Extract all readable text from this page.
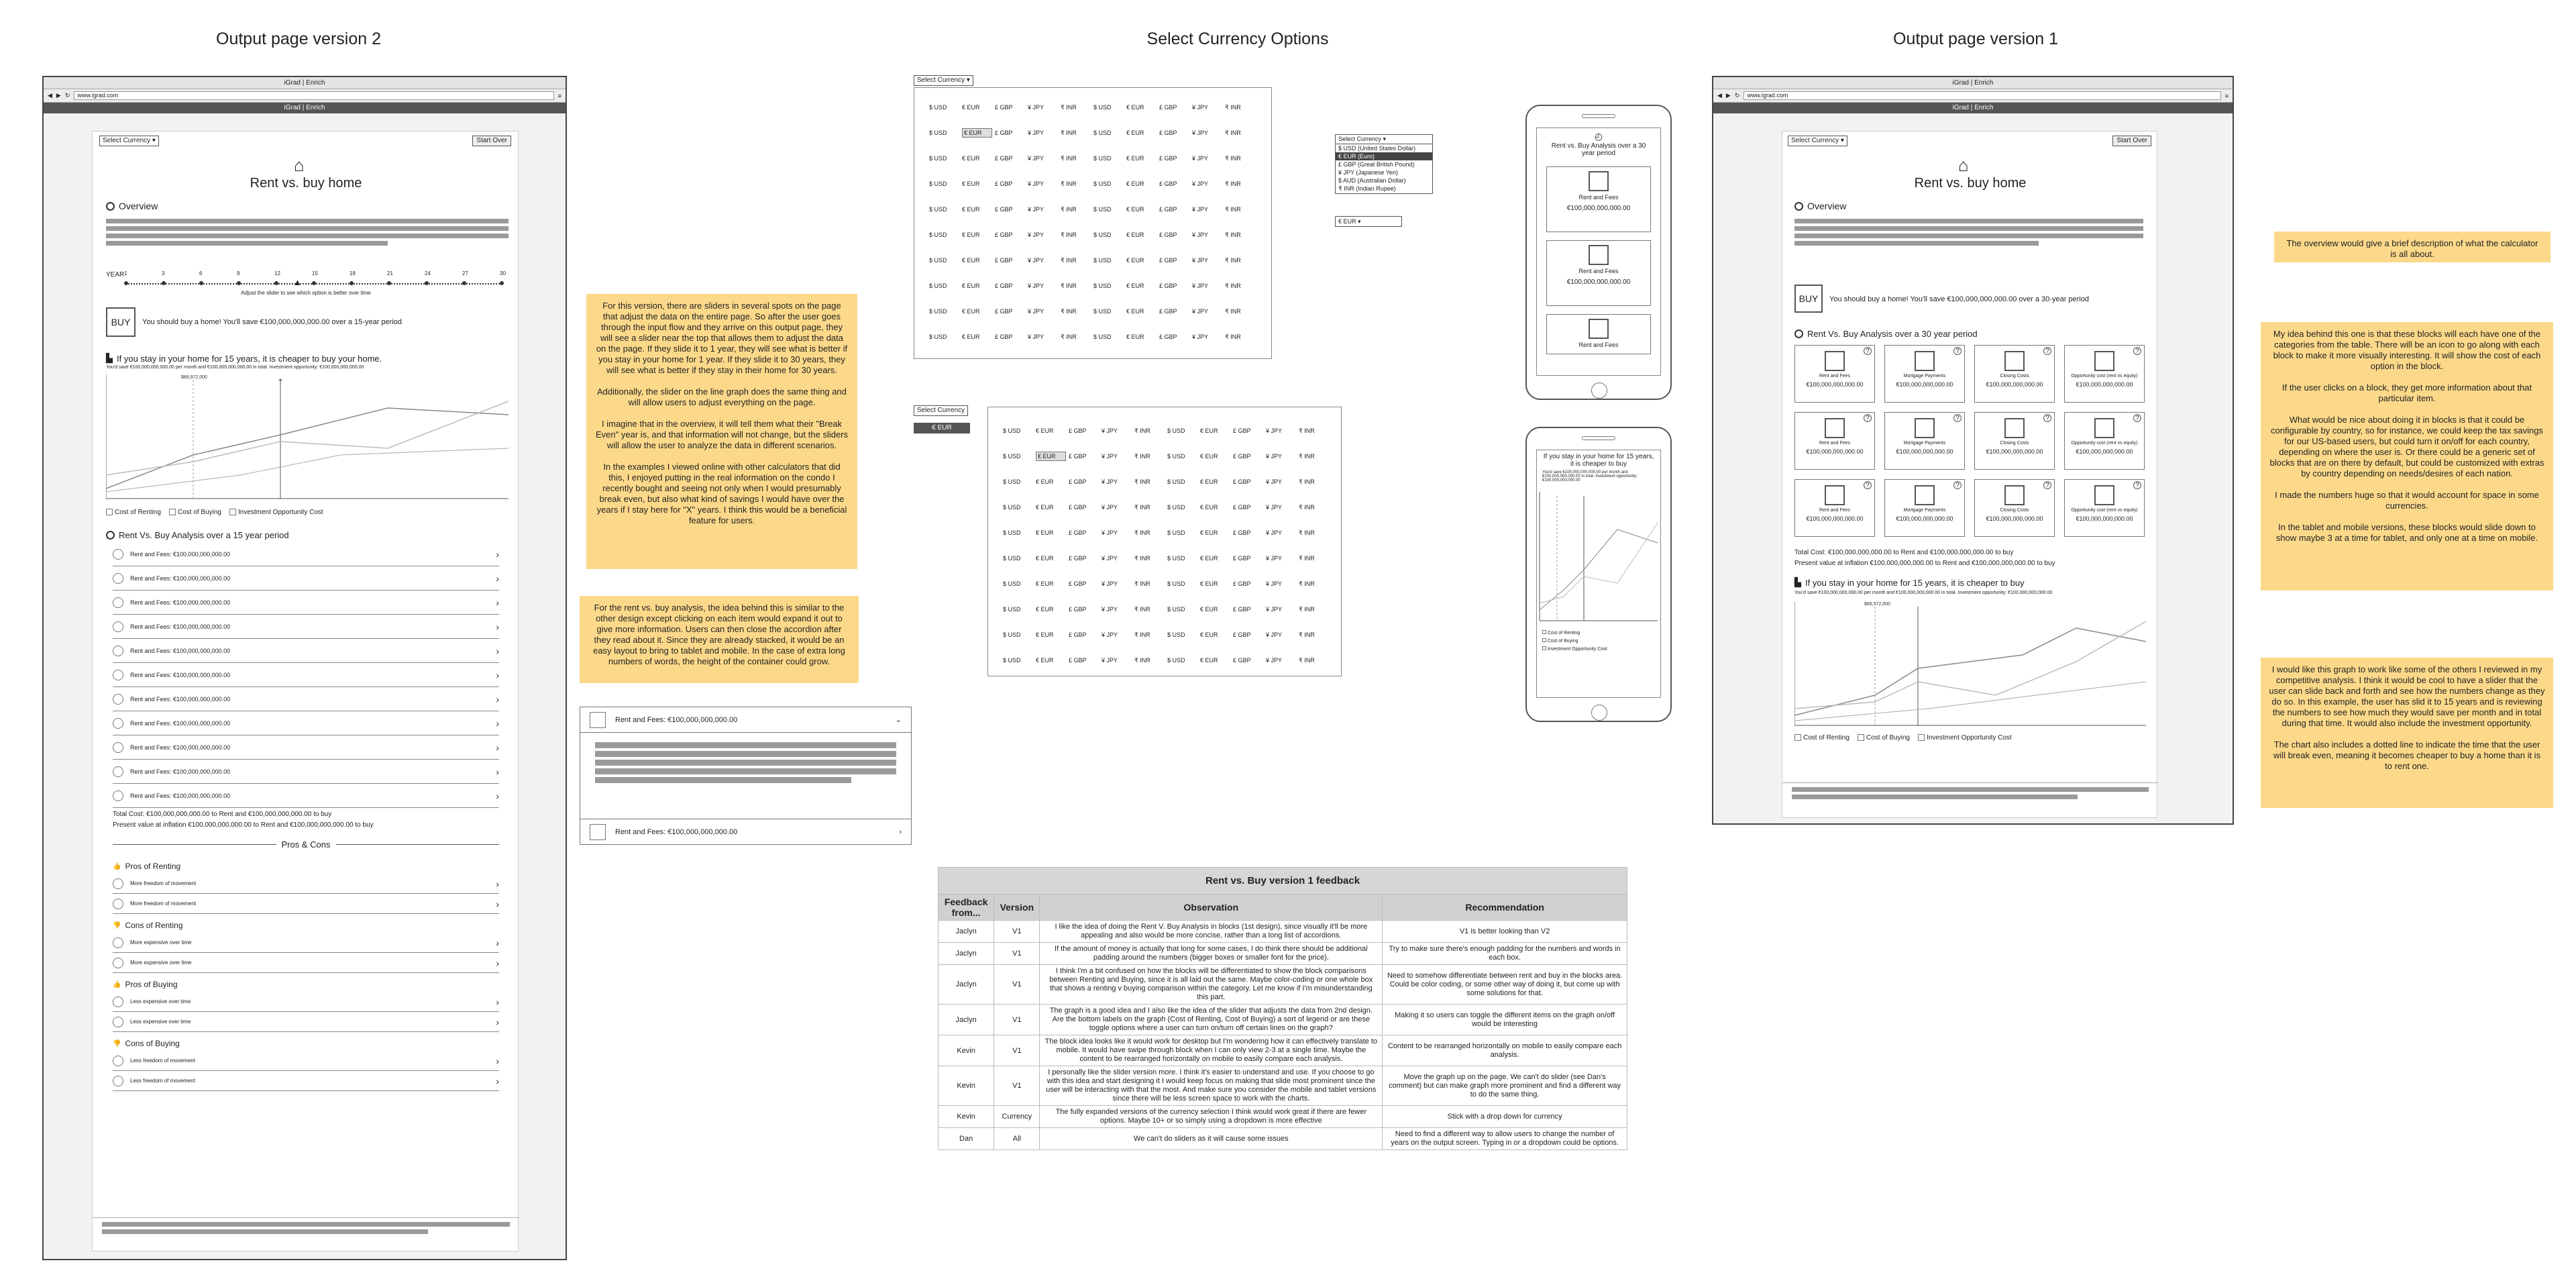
Output page version 2	Select Currency Options	Output page version 1
iGrad | Enrich
◀ ▶ ↻	www.igrad.com	≡
iGrad | Enrich
Select Currency ▾	Start Over
⌂
Rent vs. buy home
Overview
YEAR 1	3	6	9	12	15	18	21	24	27	30
▲
Adjust the slider to see which option is better over time
BUY	You should buy a home! You'll save €100,000,000,000.00 over a 15-year period
▙ If you stay in your home for 15 years, it is cheaper to buy your home.
You'd save €100,000,000,000.00 per month and €100,000,000,000.00 in total. Investment opportunity: €100,000,000,000.00
$89,972,000	+
Cost of Renting	Cost of Buying	Investment Opportunity Cost
Rent Vs. Buy Analysis over a 15 year period
Rent and Fees: €100,000,000,000.00	›
Rent and Fees: €100,000,000,000.00	›
Rent and Fees: €100,000,000,000.00	›
Rent and Fees: €100,000,000,000.00	›
Rent and Fees: €100,000,000,000.00	›
Rent and Fees: €100,000,000,000.00	›
Rent and Fees: €100,000,000,000.00	›
Rent and Fees: €100,000,000,000.00	›
Rent and Fees: €100,000,000,000.00	›
Rent and Fees: €100,000,000,000.00	›
Rent and Fees: €100,000,000,000.00	›
Total Cost: €100,000,000,000.00 to Rent and €100,000,000,000.00 to buy
Present value at inflation €100,000,000,000.00 to Rent and €100,000,000,000.00 to buy
Pros & Cons
👍 Pros of Renting
More freedom of movement	›
More freedom of movement	›
👎 Cons of Renting
More expensive over time	›
More expensive over time	›
👍 Pros of Buying
Less expensive over time	›
Less expensive over time	›
👎 Cons of Buying
Less freedom of movement	›
Less freedom of movement	›

For this version, there are sliders in several spots on the page that adjust the data on the entire page. So after the user goes through the input flow and they arrive on this output page, they will see a slider near the top that allows them to adjust the data on the page. If they slide it to 1 year, they will see what is better if you stay in your home for 1 year. If they slide it to 30 years, they will see what is better if they stay in their home for 30 years.

Additionally, the slider on the line graph does the same thing and will allow users to adjust everything on the page.

I imagine that in the overview, it will tell them what their "Break Even" year is, and that information will not change, but the sliders will allow the user to analyze the data in different scenarios.

In the examples I viewed online with other calculators that did this, I enjoyed putting in the real information on the condo I recently bought and seeing not only when I would presumably break even, but also what kind of savings I would have over the years if I stay here for "X" years. I think this would be a beneficial feature for users.

For the rent vs. buy analysis, the idea behind this is similar to the other design except clicking on each item would expand it out to give more information. Users can then close the accordion after they read about it. Since they are already stacked, it would be an easy layout to bring to tablet and mobile. In the case of extra long numbers of words, the height of the container could grow.
Rent and Fees: €100,000,000,000.00	⌄
Rent and Fees: €100,000,000,000.00	›
Select Currency ▾
$ USD	€ EUR	£ GBP	¥ JPY	₹ INR	$ USD	€ EUR	£ GBP	¥ JPY	₹ INR
$ USD	€ EUR	£ GBP	¥ JPY	₹ INR	$ USD	€ EUR	£ GBP	¥ JPY	₹ INR
$ USD	€ EUR	£ GBP	¥ JPY	₹ INR	$ USD	€ EUR	£ GBP	¥ JPY	₹ INR
$ USD	€ EUR	£ GBP	¥ JPY	₹ INR	$ USD	€ EUR	£ GBP	¥ JPY	₹ INR
$ USD	€ EUR	£ GBP	¥ JPY	₹ INR	$ USD	€ EUR	£ GBP	¥ JPY	₹ INR
$ USD	€ EUR	£ GBP	¥ JPY	₹ INR	$ USD	€ EUR	£ GBP	¥ JPY	₹ INR
$ USD	€ EUR	£ GBP	¥ JPY	₹ INR	$ USD	€ EUR	£ GBP	¥ JPY	₹ INR
$ USD	€ EUR	£ GBP	¥ JPY	₹ INR	$ USD	€ EUR	£ GBP	¥ JPY	₹ INR
$ USD	€ EUR	£ GBP	¥ JPY	₹ INR	$ USD	€ EUR	£ GBP	¥ JPY	₹ INR
$ USD	€ EUR	£ GBP	¥ JPY	₹ INR	$ USD	€ EUR	£ GBP	¥ JPY	₹ INR
Select Currency
€ EUR	$ USD	€ EUR	£ GBP	¥ JPY	₹ INR	$ USD	€ EUR	£ GBP	¥ JPY	₹ INR
$ USD	€ EUR	£ GBP	¥ JPY	₹ INR	$ USD	€ EUR	£ GBP	¥ JPY	₹ INR
$ USD	€ EUR	£ GBP	¥ JPY	₹ INR	$ USD	€ EUR	£ GBP	¥ JPY	₹ INR
$ USD	€ EUR	£ GBP	¥ JPY	₹ INR	$ USD	€ EUR	£ GBP	¥ JPY	₹ INR
$ USD	€ EUR	£ GBP	¥ JPY	₹ INR	$ USD	€ EUR	£ GBP	¥ JPY	₹ INR
$ USD	€ EUR	£ GBP	¥ JPY	₹ INR	$ USD	€ EUR	£ GBP	¥ JPY	₹ INR
$ USD	€ EUR	£ GBP	¥ JPY	₹ INR	$ USD	€ EUR	£ GBP	¥ JPY	₹ INR
$ USD	€ EUR	£ GBP	¥ JPY	₹ INR	$ USD	€ EUR	£ GBP	¥ JPY	₹ INR
$ USD	€ EUR	£ GBP	¥ JPY	₹ INR	$ USD	€ EUR	£ GBP	¥ JPY	₹ INR
$ USD	€ EUR	£ GBP	¥ JPY	₹ INR	$ USD	€ EUR	£ GBP	¥ JPY	₹ INR
Select Currency ▾
$ USD (United States Dollar)
€ EUR (Euro)
£ GBP (Great British Pound)
¥ JPY (Japanese Yen)
$ AUD (Australian Dollar)
₹ INR (Indian Rupee)
€ EUR ▾
◴
Rent vs. Buy Analysis over a 30 year period
Rent and Fees
€100,000,000,000.00
Rent and Fees
€100,000,000,000.00
Rent and Fees
If you stay in your home for 15 years, it is cheaper to buy
You'd save €100,000,000,000.00 per month and €100,000,000,000.00 in total. Investment opportunity: €100,000,000,000.00
Cost of Renting
Cost of Buying
Investment Opportunity Cost
Rent vs. Buy version 1 feedback			
Feedback from...	Version	Observation	Recommendation
Jaclyn	V1	I like the idea of doing the Rent V. Buy Analysis in blocks (1st design), since visually it'll be more appealing and also would be more concise, rather than a long list of accordions.	V1 is better looking than V2
Jaclyn	V1	If the amount of money is actually that long for some cases, I do think there should be additional padding around the numbers (bigger boxes or smaller font for the price).	Try to make sure there's enough padding for the numbers and words in each box.
Jaclyn	V1	I think I'm a bit confused on how the blocks will be differentiated to show the block comparisons between Renting and Buying, since it is all laid out the same. Maybe color-coding or one whole box that shows a renting v buying comparison within the category. Let me know if I'm misunderstanding this part.	Need to somehow differentiate between rent and buy in the blocks area. Could be color coding, or some other way of doing it, but come up with some solutions for that.
Jaclyn	V1	The graph is a good idea and I also like the idea of the slider that adjusts the data from 2nd design. Are the bottom labels on the graph (Cost of Renting, Cost of Buying) a sort of legend or are these toggle options where a user can turn on/turn off certain lines on the graph?	Making it so users can toggle the different items on the graph on/off would be interesting
Kevin	V1	The block idea looks like it would work for desktop but I'm wondering how it can effectively translate to mobile. It would have swipe through block when I can only view 2-3 at a single time. Maybe the content to be rearranged horizontally on mobile to easily compare each analysis.	Content to be rearranged horizontally on mobile to easily compare each analysis.
Kevin	V1	I personally like the slider version more. I think it's easier to understand and use. If you choose to go with this idea and start designing it I would keep focus on making that slide most prominent since the user will be interacting with that the most. And make sure you consider the mobile and tablet versions since there will be less screen space to work with the charts.	Move the graph up on the page. We can't do slider (see Dan's comment) but can make graph more prominent and find a different way to do the same thing.
Kevin	Currency	The fully expanded versions of the currency selection I think would work great if there are fewer options. Maybe 10+ or so simply using a dropdown is more effective	Stick with a drop down for currency
Dan	All	We can't do sliders as it will cause some issues	Need to find a different way to allow users to change the number of years on the output screen. Typing in or a dropdown could be options.
iGrad | Enrich
◀ ▶ ↻	www.igrad.com	≡
iGrad | Enrich
Select Currency ▾	Start Over
⌂
Rent vs. buy home
Overview
BUY	You should buy a home! You'll save €100,000,000,000.00 over a 30-year period
Rent Vs. Buy Analysis over a 30 year period
?
Rent and Fees
€100,000,000,000.00
?
Mortgage Payments
€100,000,000,000.00
?
Closing Costs
€100,000,000,000.00
?
Opportunity cost (rent vs equity)
€100,000,000,000.00
?
Rent and Fees
€100,000,000,000.00
?
Mortgage Payments
€100,000,000,000.00
?
Closing Costs
€100,000,000,000.00
?
Opportunity cost (rent vs equity)
€100,000,000,000.00
?
Rent and Fees
€100,000,000,000.00
?
Mortgage Payments
€100,000,000,000.00
?
Closing Costs
€100,000,000,000.00
?
Opportunity cost (rent vs equity)
€100,000,000,000.00
Total Cost: €100,000,000,000.00 to Rent and €100,000,000,000.00 to buy
Present value at inflation €100,000,000,000.00 to Rent and €100,000,000,000.00 to buy
▙ If you stay in your home for 15 years, it is cheaper to buy
You'd save €100,000,000,000.00 per month and €100,000,000,000.00 in total. Investment opportunity: €100,000,000,000.00
$89,972,000
Cost of Renting	Cost of Buying	Investment Opportunity Cost
The overview would give a brief description of what the calculator is all about.

My idea behind this one is that these blocks will each have one of the categories from the table. There will be an icon to go along with each block to make it more visually interesting. It will show the cost of each option in the block.

If the user clicks on a block, they get more information about that particular item.

What would be nice about doing it in blocks is that it could be configurable by country, so for instance, we could keep the tax savings for our US-based users, but could turn it on/off for each country, depending on where the user is. Or there could be a generic set of blocks that are on there by default, but could be customized with extras by country depending on needs/desires of each nation.

I made the numbers huge so that it would account for space in some currencies.

In the tablet and mobile versions, these blocks would slide down to show maybe 3 at a time for tablet, and only one at a time on mobile.

I would like this graph to work like some of the others I reviewed in my competitive analysis. I think it would be cool to have a slider that the user can slide back and forth and see how the numbers change as they do so. In this example, the user has slid it to 15 years and is reviewing the numbers to see how much they would save per month and in total during that time. It would also include the investment opportunity.

The chart also includes a dotted line to indicate the time that the user will break even, meaning it becomes cheaper to buy a home than it is to rent one.
